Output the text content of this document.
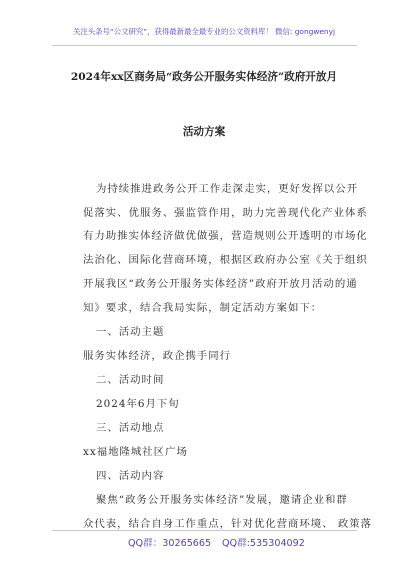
关注头条号“公文研究”，获得最新最全最专业的公文资料库！ 微信: gongwenyj
2024年xx区商务局“政务公开服务实体经济”政府开放月
活动方案
为持续推进政务公开工作走深走实，更好发挥以公开
促落实、优服务、强监管作用，助力完善现代化产业体系
有力助推实体经济做优做强，营造规则公开透明的市场化
法治化、国际化营商环境，根据区政府办公室《关于组织
开展我区“政务公开服务实体经济”政府开放月活动的通
知》要求，结合我局实际，制定活动方案如下：
一、活动主题
服务实体经济，政企携手同行
二、活动时间
2024年6月下旬
三、活动地点
xx福地隆城社区广场
四、活动内容
聚焦“政务公开服务实体经济”发展，邀请企业和群
众代表，结合自身工作重点，针对优化营商环境、 政策落
QQ群：30265665 QQ群:535304092
